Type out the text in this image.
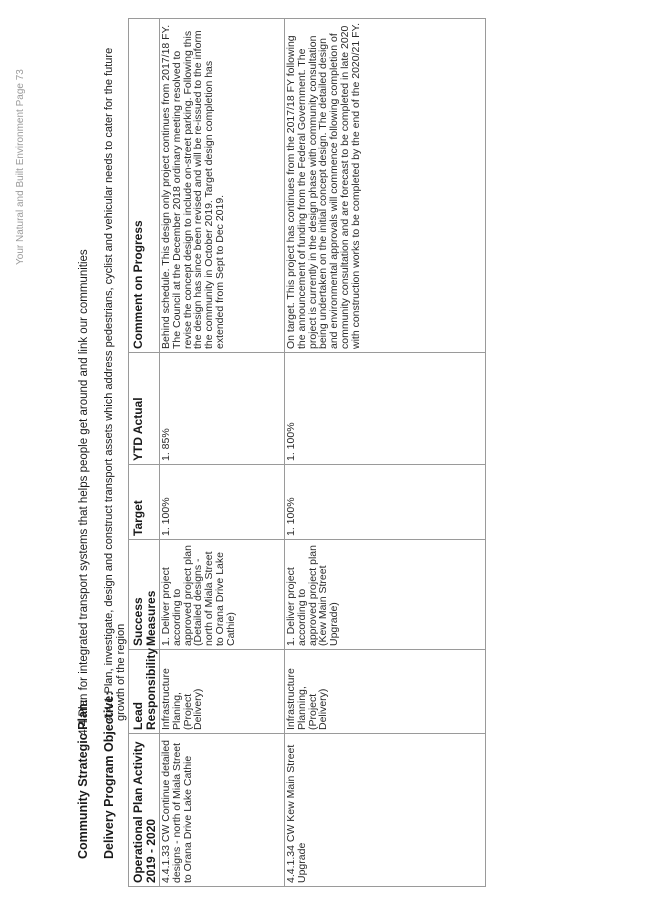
Community Strategic Plan: 4.4 Plan for integrated transport systems that helps people get around and link our communities
Delivery Program Objective:4.4.1 Plan, investigate, design and construct transport assets which address pedestrians, cyclist and vehicular needs to cater for the future growth of the region
Operational Plan Activity 2019 - 2020	Lead Responsibility	Success Measures	Target	YTD Actual	Comment on Progress
4.4.1.33 CW Continue detailed designs - north of Miala Street to Orana Drive Lake Cathie	Infrastructure Planing, (Project Delivery)	1. Deliver project according to approved project plan (Detailed designs - north of Miala Street to Orana Drive Lake Cathie)	1. 100%	1. 85%	Behind schedule. This design only project continues from 2017/18 FY. The Council at the December 2018 ordinary meeting resolved to revise the concept design to include on-street parking. Following this the design has since been revised and will be re-issued to the inform the community in October 2019. Target design completion has extended from Sept to Dec 2019.
4.4.1.34 CW Kew Main Street Upgrade	Infrastructure Planning, (Project Delivery)	1. Deliver project according to approved project plan (Kew Main Street Upgrade)	1. 100%	1. 100%	On target. This project has continues from the 2017/18 FY following the announcement of funding from the Federal Government. The project is currently in the design phase with community consultation being undertaken on the initial concept design. The detailed design and environmental approvals will commence following completion of community consultation and are forecast to be completed in late 2020 with construction works to be completed by the end of the 2020/21 FY.
Your Natural and Built Environment Page 73
